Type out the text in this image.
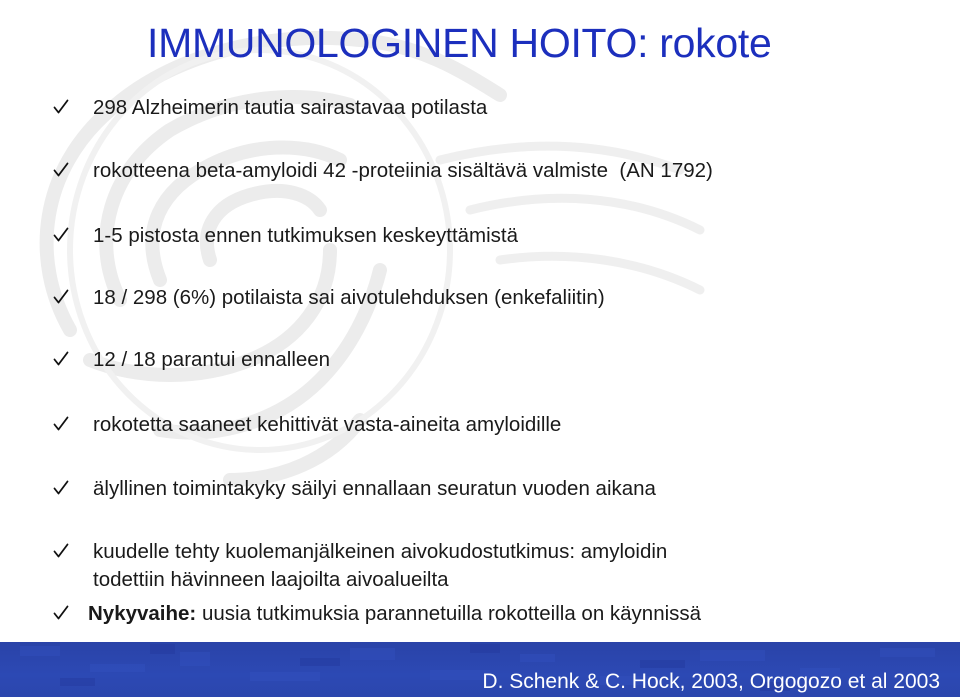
IMMUNOLOGINEN HOITO: rokote
298 Alzheimerin tautia sairastavaa potilasta
rokotteena beta-amyloidi 42 -proteiinia sisältävä valmiste  (AN 1792)
1-5 pistosta ennen tutkimuksen keskeyttämistä
18 / 298 (6%) potilaista sai aivotulehduksen (enkefaliitin)
12 / 18 parantui ennalleen
rokotetta saaneet kehittivät vasta-aineita amyloidille
älyllinen toimintakyky säilyi ennallaan seuratun vuoden aikana
kuudelle tehty kuolemanjälkeinen aivokudostutkimus: amyloidin
todettiin hävinneen laajoilta aivoalueilta
Nykyvaihe: uusia tutkimuksia parannetuilla rokotteilla on käynnissä
D. Schenk & C. Hock, 2003, Orgogozo et al 2003
